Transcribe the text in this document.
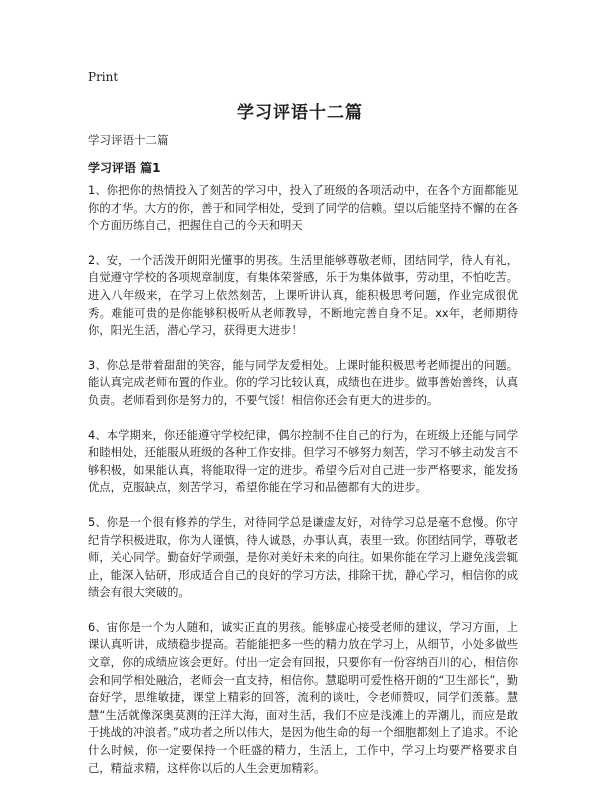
Print
学习评语十二篇

学习评语十二篇

学习评语 篇1

1、你把你的热情投入了刻苦的学习中，投入了班级的各项活动中，在各个方面都能见你的才华。大方的你，善于和同学相处，受到了同学的信赖。望以后能坚持不懈的在各个方面历练自己，把握住自己的今天和明天

2、安，一个活泼开朗阳光懂事的男孩。生活里能够尊敬老师，团结同学，待人有礼，自觉遵守学校的各项规章制度，有集体荣誉感，乐于为集体做事，劳动里，不怕吃苦。进入八年级来，在学习上依然刻苦，上课听讲认真，能积极思考问题，作业完成很优秀。难能可贵的是你能够积极听从老师教导，不断地完善自身不足。xx年，老师期待你，阳光生活，潜心学习，获得更大进步！

3、你总是带着甜甜的笑容，能与同学友爱相处。上课时能积极思考老师提出的问题。能认真完成老师布置的作业。你的学习比较认真，成绩也在进步。做事善始善终，认真负责。老师看到你是努力的，不要气馁！相信你还会有更大的进步的。

4、本学期来，你还能遵守学校纪律，偶尔控制不住自己的行为，在班级上还能与同学和睦相处，还能服从班级的各种工作安排。但学习不够努力刻苦，学习不够主动发言不够积极，如果能认真，将能取得一定的进步。希望今后对自己进一步严格要求，能发扬优点，克服缺点，刻苦学习，希望你能在学习和品德都有大的进步。

5、你是一个很有修养的学生，对待同学总是谦虚友好，对待学习总是毫不怠慢。你守纪肯学积极进取，你为人谨慎，待人诚恳，办事认真，表里一致。你团结同学，尊敬老师，关心同学。勤奋好学顽强，是你对美好未来的向往。如果你能在学习上避免浅尝辄止，能深入钻研，形成适合自己的良好的学习方法，排除干扰，静心学习，相信你的成绩会有很大突破的。

6、宙你是一个为人随和，诚实正直的男孩。能够虚心接受老师的建议，学习方面，上课认真听讲，成绩稳步提高。若能能把多一些的精力放在学习上，从细节，小处多做些文章，你的成绩应该会更好。付出一定会有回报，只要你有一份容纳百川的心，相信你会和同学相处融洽，老师会一直支持，相信你。慧聪明可爱性格开朗的“卫生部长”，勤奋好学，思维敏捷，课堂上精彩的回答，流利的谈吐，令老师赞叹，同学们羡慕。慧慧“生活就像深奥莫测的汪洋大海，面对生活，我们不应是浅滩上的弄潮儿，而应是敢于挑战的冲浪者。”成功者之所以伟大，是因为他生命的每一个细胞都刻上了追求。不论什么时候，你一定要保持一个旺盛的精力，生活上，工作中，学习上均要严格要求自己，精益求精，这样你以后的人生会更加精彩。
